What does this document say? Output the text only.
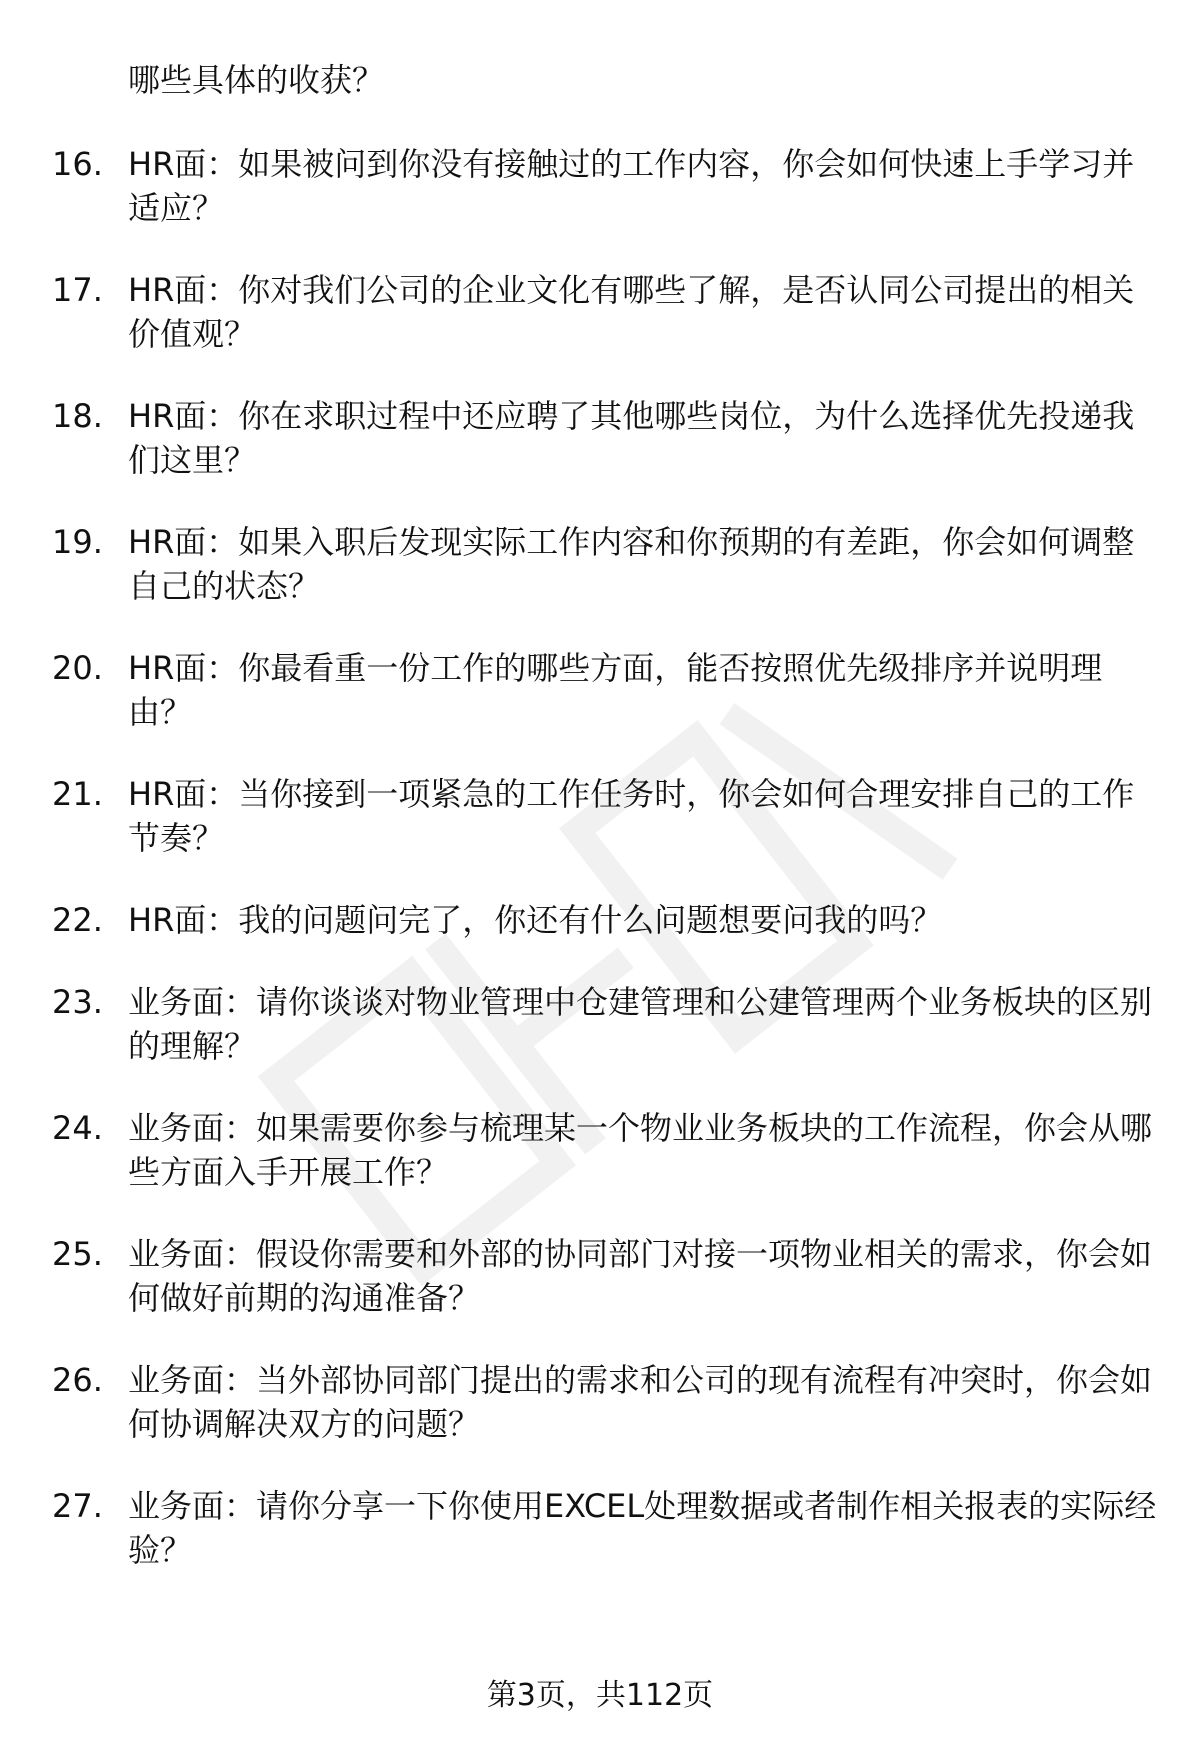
哪些具体的收获？
16. HR面：如果被问到你没有接触过的工作内容，你会如何快速上手学习并适应？
17. HR面：你对我们公司的企业文化有哪些了解，是否认同公司提出的相关价值观？
18. HR面：你在求职过程中还应聘了其他哪些岗位，为什么选择优先投递我们这里？
19. HR面：如果入职后发现实际工作内容和你预期的有差距，你会如何调整自己的状态？
20. HR面：你最看重一份工作的哪些方面，能否按照优先级排序并说明理由？
21. HR面：当你接到一项紧急的工作任务时，你会如何合理安排自己的工作节奏？
22. HR面：我的问题问完了，你还有什么问题想要问我的吗？
23. 业务面：请你谈谈对物业管理中仓建管理和公建管理两个业务板块的区别的理解？
24. 业务面：如果需要你参与梳理某一个物业业务板块的工作流程，你会从哪些方面入手开展工作？
25. 业务面：假设你需要和外部的协同部门对接一项物业相关的需求，你会如何做好前期的沟通准备？
26. 业务面：当外部协同部门提出的需求和公司的现有流程有冲突时，你会如何协调解决双方的问题？
27. 业务面：请你分享一下你使用EXCEL处理数据或者制作相关报表的实际经验？
第3页，共112页
